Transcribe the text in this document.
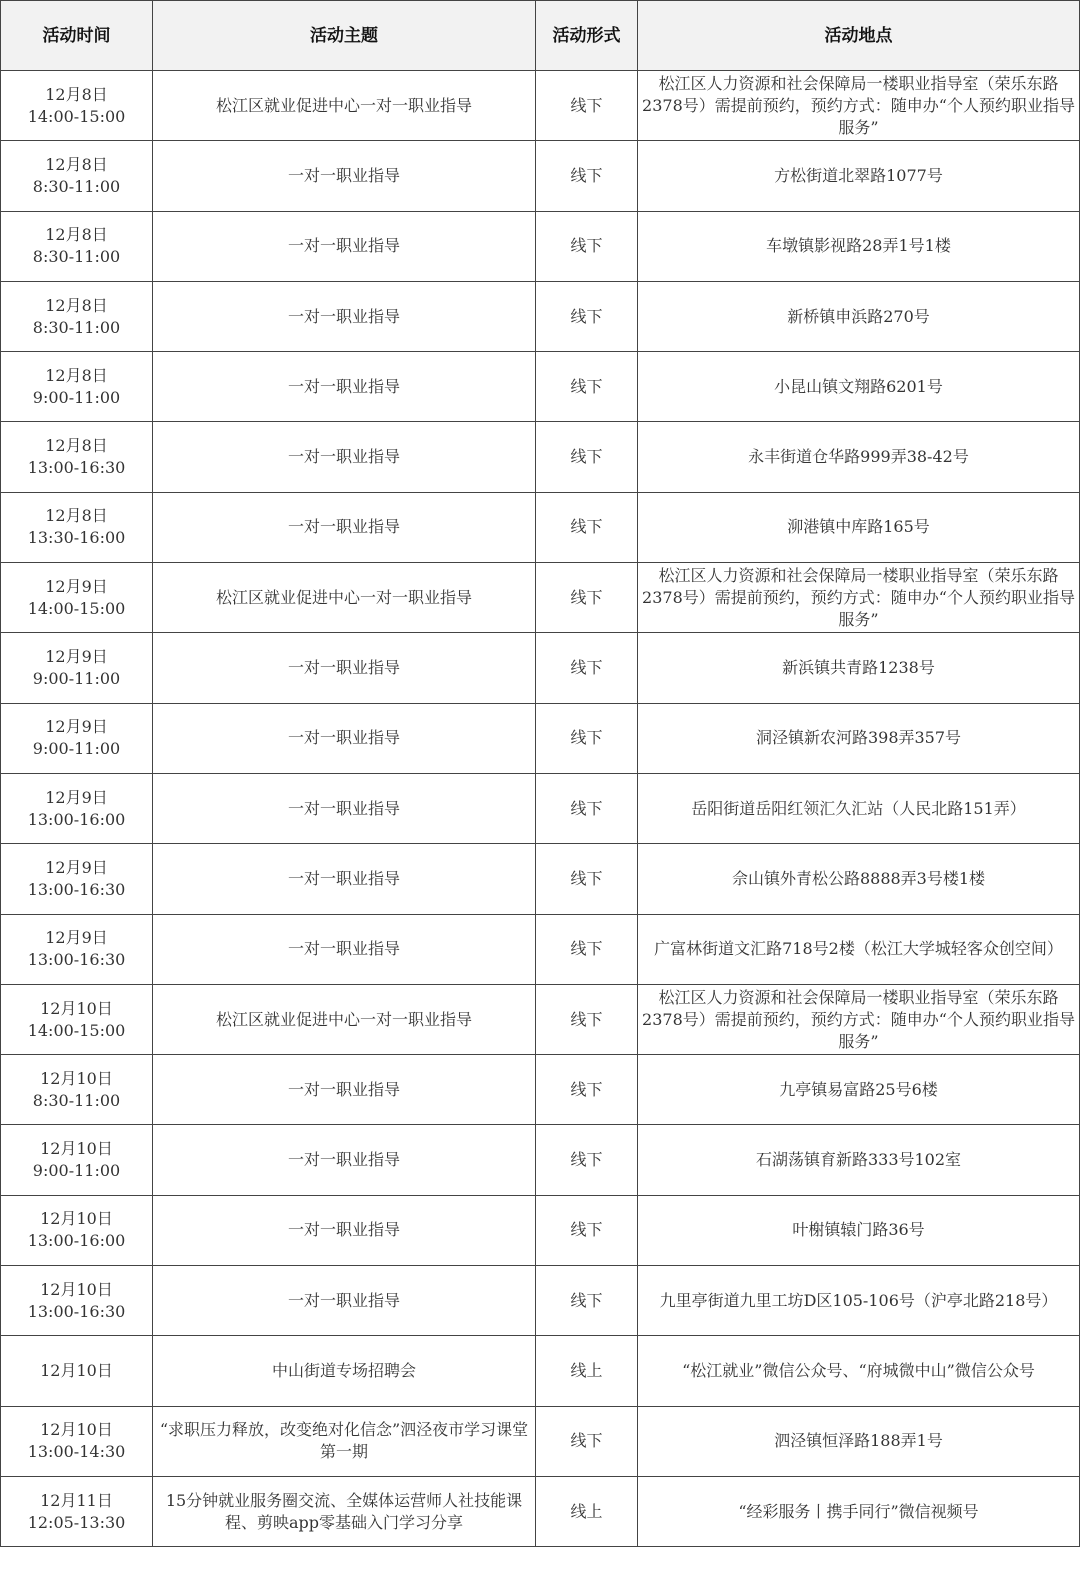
活动时间	活动主题	活动形式	活动地点

12月8日
14:00-15:00	松江区就业促进中心一对一职业指导	线下	松江区人力资源和社会保障局一楼职业指导室（荣乐东路2378号）需提前预约，预约方式：随申办“个人预约职业指导服务”

12月8日
8:30-11:00	一对一职业指导	线下	方松街道北翠路1077号

12月8日
8:30-11:00	一对一职业指导	线下	车墩镇影视路28弄1号1楼

12月8日
8:30-11:00	一对一职业指导	线下	新桥镇申浜路270号

12月8日
9:00-11:00	一对一职业指导	线下	小昆山镇文翔路6201号

12月8日
13:00-16:30	一对一职业指导	线下	永丰街道仓华路999弄38-42号

12月8日
13:30-16:00	一对一职业指导	线下	泖港镇中库路165号

12月9日
14:00-15:00	松江区就业促进中心一对一职业指导	线下	松江区人力资源和社会保障局一楼职业指导室（荣乐东路2378号）需提前预约，预约方式：随申办“个人预约职业指导服务”

12月9日
9:00-11:00	一对一职业指导	线下	新浜镇共青路1238号

12月9日
9:00-11:00	一对一职业指导	线下	洞泾镇新农河路398弄357号

12月9日
13:00-16:00	一对一职业指导	线下	岳阳街道岳阳红领汇久汇站（人民北路151弄）

12月9日
13:00-16:30	一对一职业指导	线下	佘山镇外青松公路8888弄3号楼1楼

12月9日
13:00-16:30	一对一职业指导	线下	广富林街道文汇路718号2楼（松江大学城轻客众创空间）

12月10日
14:00-15:00	松江区就业促进中心一对一职业指导	线下	松江区人力资源和社会保障局一楼职业指导室（荣乐东路2378号）需提前预约，预约方式：随申办“个人预约职业指导服务”

12月10日
8:30-11:00	一对一职业指导	线下	九亭镇易富路25号6楼

12月10日
9:00-11:00	一对一职业指导	线下	石湖荡镇育新路333号102室

12月10日
13:00-16:00	一对一职业指导	线下	叶榭镇辕门路36号

12月10日
13:00-16:30	一对一职业指导	线下	九里亭街道九里工坊D区105-106号（沪亭北路218号）

12月10日	中山街道专场招聘会	线上	“松江就业”微信公众号、“府城微中山”微信公众号

12月10日
13:00-14:30	“求职压力释放，改变绝对化信念”泗泾夜市学习课堂第一期	线下	泗泾镇恒泽路188弄1号

12月11日
12:05-13:30	15分钟就业服务圈交流、全媒体运营师人社技能课程、剪映app零基础入门学习分享	线上	“经彩服务丨携手同行”微信视频号
